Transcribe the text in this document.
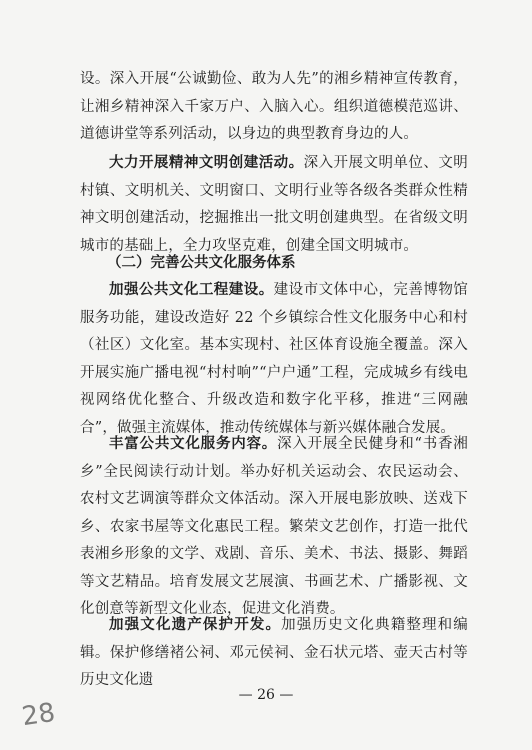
设。深入开展“公诚勤俭、敢为人先”的湘乡精神宣传教育，让湘乡精神深入千家万户、入脑入心。组织道德模范巡讲、道德讲堂等系列活动，以身边的典型教育身边的人。

大力开展精神文明创建活动。深入开展文明单位、文明村镇、文明机关、文明窗口、文明行业等各级各类群众性精神文明创建活动，挖掘推出一批文明创建典型。在省级文明城市的基础上，全力攻坚克难，创建全国文明城市。

（二）完善公共文化服务体系

加强公共文化工程建设。建设市文体中心，完善博物馆服务功能，建设改造好 22 个乡镇综合性文化服务中心和村（社区）文化室。基本实现村、社区体育设施全覆盖。深入开展实施广播电视“村村响”“户户通”工程，完成城乡有线电视网络优化整合、升级改造和数字化平移，推进“三网融合”，做强主流媒体，推动传统媒体与新兴媒体融合发展。

丰富公共文化服务内容。深入开展全民健身和“书香湘乡”全民阅读行动计划。举办好机关运动会、农民运动会、农村文艺调演等群众文体活动。深入开展电影放映、送戏下乡、农家书屋等文化惠民工程。繁荣文艺创作，打造一批代表湘乡形象的文学、戏剧、音乐、美术、书法、摄影、舞蹈等文艺精品。培育发展文艺展演、书画艺术、广播影视、文化创意等新型文化业态，促进文化消费。

加强文化遗产保护开发。加强历史文化典籍整理和编辑。保护修缮褚公祠、邓元侯祠、金石状元塔、壶天古村等历史文化遗

— 26 —
28
